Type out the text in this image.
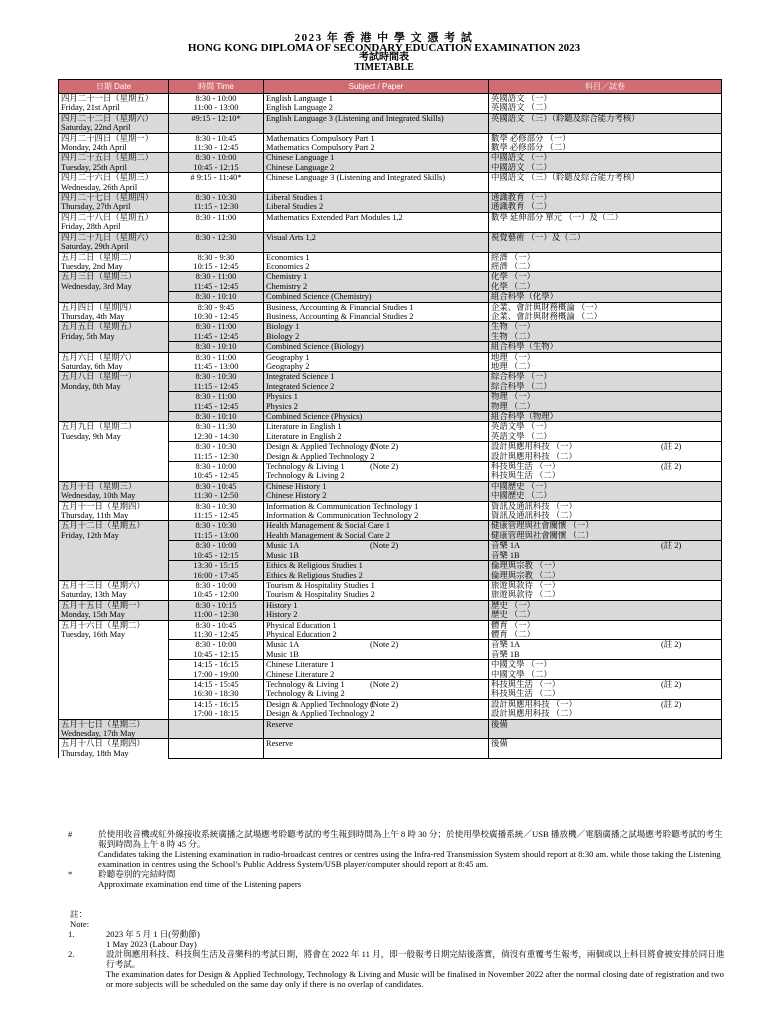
2023 年 香 港 中 學 文 憑 考 試
HONG KONG DIPLOMA OF SECONDARY EDUCATION EXAMINATION 2023
考試時間表
TIMETABLE
日期 Date	時間 Time	Subject / Paper	科目／試卷

四月二十一日（星期五）
Friday, 21st April	8:30 - 10:00	English Language 1	英國語文 （一）
	11:00 - 13:00	English Language 2	英國語文 （二）

四月二十二日（星期六）
Saturday, 22nd April	#9:15 - 12:10*	English Language 3 (Listening and Integrated Skills)	英國語文 （三）（聆聽及綜合能力考核）

四月二十四日（星期一）
Monday, 24th April	8:30 - 10:45	Mathematics Compulsory Part 1	數學 必修部分 （一）
	11:30 - 12:45	Mathematics Compulsory Part 2	數學 必修部分 （二）

四月二十五日（星期二）
Tuesday, 25th April	8:30 - 10:00	Chinese Language 1	中國語文 （一）
	10:45 - 12:15	Chinese Language 2	中國語文 （二）

四月二十六日（星期三）
Wednesday, 26th April	# 9:15 - 11:40*	Chinese Language 3 (Listening and Integrated Skills)	中國語文 （三）（聆聽及綜合能力考核）

四月二十七日（星期四）
Thursday, 27th April	8:30 - 10:30	Liberal Studies 1	通識教育 （一）
	11:15 - 12:30	Liberal Studies 2	通識教育 （二）

四月二十八日（星期五）
Friday, 28th April	8:30 - 11:00	Mathematics Extended Part Modules 1,2	數學 延伸部分 單元 （一）及（二）

四月二十九日（星期六）
Saturday, 29th April	8:30 - 12:30	Visual Arts 1,2	視覺藝術 （一）及（二）

五月二日（星期二）
Tuesday, 2nd May	8:30 - 9:30	Economics 1	經濟 （一）
	10:15 - 12:45	Economics 2	經濟 （二）

五月三日（星期三）
Wednesday, 3rd May	8:30 - 11:00	Chemistry 1	化學 （一）
	11:45 - 12:45	Chemistry 2	化學 （二）
	8:30 - 10:10	Combined Science (Chemistry)	組合科學（化學）

五月四日（星期四）
Thursday, 4th May	8:30 - 9:45	Business, Accounting & Financial Studies 1	企業、會計與財務概論 （一）
	10:30 - 12:45	Business, Accounting & Financial Studies 2	企業、會計與財務概論 （二）

五月五日（星期五）
Friday, 5th May	8:30 - 11:00	Biology 1	生物 （一）
	11:45 - 12:45	Biology 2	生物 （二）
	8:30 - 10:10	Combined Science (Biology)	組合科學（生物）

五月六日（星期六）
Saturday, 6th May	8:30 - 11:00	Geography 1	地理 （一）
	11:45 - 13:00	Geography 2	地理 （二）

五月八日（星期一）
Monday, 8th May	8:30 - 10:30	Integrated Science 1	綜合科學 （一）
	11:15 - 12:45	Integrated Science 2	綜合科學 （二）
	8:30 - 11:00	Physics 1	物理 （一）
	11:45 - 12:45	Physics 2	物理 （二）
	8:30 - 10:10	Combined Science (Physics)	組合科學（物理）

五月九日（星期二）
Tuesday, 9th May	8:30 - 11:30	Literature in English 1	英語文學 （一）
	12:30 - 14:30	Literature in English 2	英語文學 （二）
	8:30 - 10:30	Design & Applied Technology 1(Note 2)	設計與應用科技 （一） (註 2)
	11:15 - 12:30	Design & Applied Technology 2	設計與應用科技 （二）
	8:30 - 10:00	Technology & Living 1 (Note 2)	科技與生活 （一） (註 2)
	10:45 - 12:45	Technology & Living 2	科技與生活 （二）

五月十日（星期三）
Wednesday, 10th May	8:30 - 10:45	Chinese History 1	中國歷史 （一）
	11:30 - 12:50	Chinese History 2	中國歷史 （二）

五月十一日（星期四）
Thursday, 11th May	8:30 - 10:30	Information & Communication Technology 1	資訊及通訊科技 （一）
	11:15 - 12:45	Information & Communication Technology 2	資訊及通訊科技 （二）

五月十二日（星期五）
Friday, 12th May	8:30 - 10:30	Health Management & Social Care 1	健康管理與社會關懷 （一）
	11:15 - 13:00	Health Management & Social Care 2	健康管理與社會關懷 （二）
	8:30 - 10:00	Music 1A (Note 2)	音樂 1A (註 2)
	10:45 - 12:15	Music 1B	音樂 1B
	13:30 - 15:15	Ethics & Religious Studies 1	倫理與宗教 （一）
	16:00 - 17:45	Ethics & Religious Studies 2	倫理與宗教 （二）

五月十三日（星期六）
Saturday, 13th May	8:30 - 10:00	Tourism & Hospitality Studies 1	旅遊與款待 （一）
	10:45 - 12:00	Tourism & Hospitality Studies 2	旅遊與款待 （二）

五月十五日（星期一）
Monday, 15th May	8:30 - 10:15	History 1	歷史 （一）
	11:00 - 12:30	History 2	歷史 （二）

五月十六日（星期二）
Tuesday, 16th May	8:30 - 10:45	Physical Education 1	體育 （一）
	11:30 - 12:45	Physical Education 2	體育 （二）
	8:30 - 10:00	Music 1A (Note 2)	音樂 1A (註 2)
	10:45 - 12:15	Music 1B	音樂 1B
	14:15 - 16:15	Chinese Literature 1	中國文學 （一）
	17:00 - 19:00	Chinese Literature 2	中國文學 （二）
	14:15 - 15:45	Technology & Living 1 (Note 2)	科技與生活 （一） (註 2)
	16:30 - 18:30	Technology & Living 2	科技與生活 （二）
	14:15 - 16:15	Design & Applied Technology 1(Note 2)	設計與應用科技 （一） (註 2)
	17:00 - 18:15	Design & Applied Technology 2	設計與應用科技 （二）

五月十七日（星期三）
Wednesday, 17th May		Reserve	後備

五月十八日（星期四）
Thursday, 18th May		Reserve	後備

#	於使用收音機或紅外線接收系統廣播之試場應考聆聽考試的考生報到時間為上午 8 時 30 分；於使用學校廣播系統／USB 播放機／電腦廣播之試場應考聆聽考試的考生報到時間為上午 8 時 45 分。
Candidates taking the Listening examination in radio-broadcast centres or centres using the Infra-red Transmission System should report at 8:30 am. while those taking the Listening examination in centres using the School’s Public Address System/USB player/computer should report at 8:45 am.
*	聆聽卷別的完結時間
Approximate examination end time of the Listening papers
註：
Note:
1.	2023 年 5 月 1 日(勞動節)
1 May 2023 (Labour Day)
2.	設計與應用科技、科技與生活及音樂科的考試日期，將會在 2022 年 11 月，即一般報考日期完結後落實，倘沒有重覆考生報考，兩個或以上科目將會被安排於同日進行考試。
The examination dates for Design & Applied Technology, Technology & Living and Music will be finalised in November 2022 after the normal closing date of registration and two or more subjects will be scheduled on the same day only if there is no overlap of candidates.
